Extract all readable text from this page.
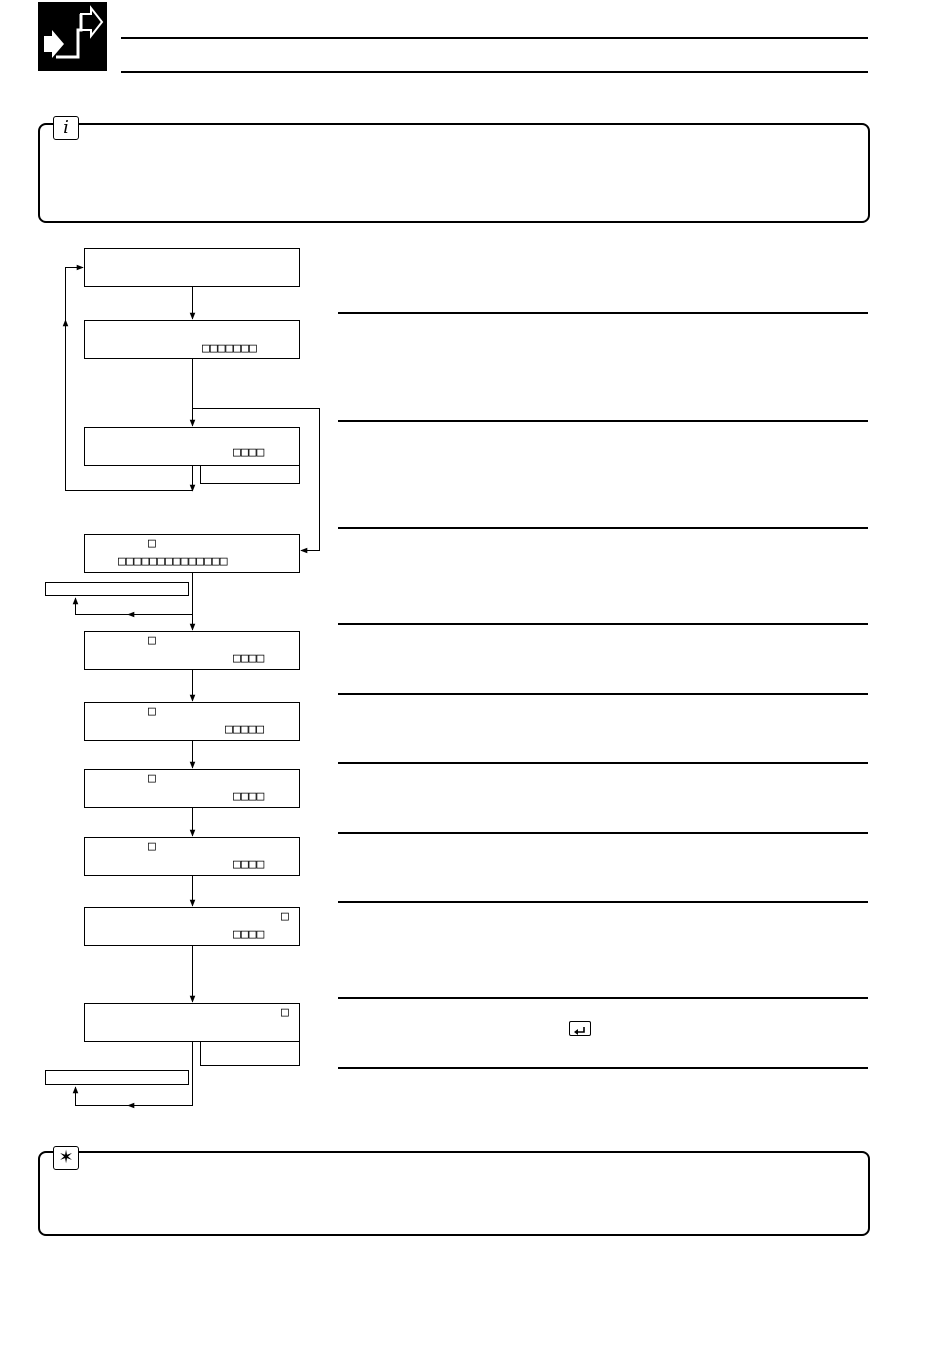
i
□□□□□□□
□□□□
□
□□□□□□□□□□□□□□
□
□□□□
□
□□□□□
□
□□□□
□
□□□□
□
□□□□
□
✶
